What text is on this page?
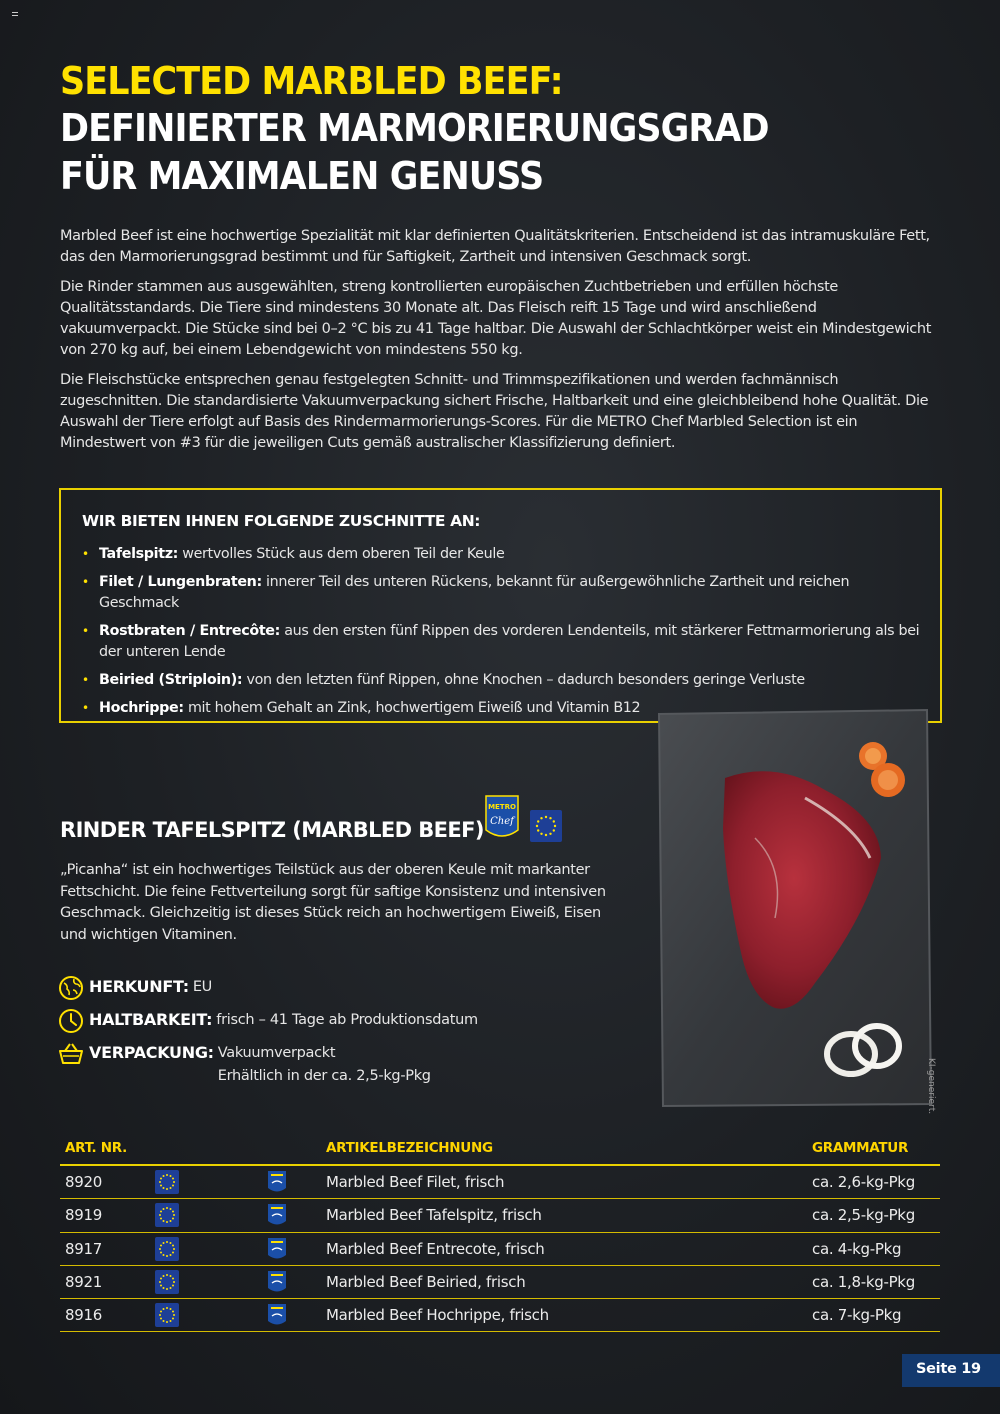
SELECTED MARBLED BEEF:
DEFINIERTER MARMORIERUNGSGRAD
FÜR MAXIMALEN GENUSS

Marbled Beef ist eine hochwertige Spezialität mit klar definierten Qualitätskriterien. Entscheidend ist das intramuskuläre Fett, das den Marmorierungsgrad bestimmt und für Saftigkeit, Zartheit und intensiven Geschmack sorgt.

Die Rinder stammen aus ausgewählten, streng kontrollierten europäischen Zuchtbetrieben und erfüllen höchste Qualitätsstandards. Die Tiere sind mindestens 30 Monate alt. Das Fleisch reift 15 Tage und wird anschließend vakuumverpackt. Die Stücke sind bei 0–2 °C bis zu 41 Tage haltbar. Die Auswahl der Schlachtkörper weist ein Mindestgewicht von 270 kg auf, bei einem Lebendgewicht von mindestens 550 kg.

Die Fleischstücke entsprechen genau festgelegten Schnitt- und Trimmspezifikationen und werden fachmännisch zugeschnitten. Die standardisierte Vakuumverpackung sichert Frische, Haltbarkeit und eine gleichbleibend hohe Qualität. Die Auswahl der Tiere erfolgt auf Basis des Rindermarmorierungs-Scores. Für die METRO Chef Marbled Selection ist ein Mindestwert von #3 für die jeweiligen Cuts gemäß australischer Klassifizierung definiert.

WIR BIETEN IHNEN FOLGENDE ZUSCHNITTE AN:
• Tafelspitz: wertvolles Stück aus dem oberen Teil der Keule
• Filet / Lungenbraten: innerer Teil des unteren Rückens, bekannt für außergewöhnliche Zartheit und reichen Geschmack
• Rostbraten / Entrecôte: aus den ersten fünf Rippen des vorderen Lendenteils, mit stärkerer Fettmarmorierung als bei der unteren Lende
• Beiried (Striploin): von den letzten fünf Rippen, ohne Knochen – dadurch besonders geringe Verluste
• Hochrippe: mit hohem Gehalt an Zink, hochwertigem Eiweiß und Vitamin B12
KI-generiert.
RINDER TAFELSPITZ (MARBLED BEEF)
METRO
Chef
„Picanha“ ist ein hochwertiges Teilstück aus der oberen Keule mit markanter Fettschicht. Die feine Fettverteilung sorgt für saftige Konsistenz und intensiven Geschmack. Gleichzeitig ist dieses Stück reich an hochwertigem Eiweiß, Eisen und wichtigen Vitaminen.
HERKUNFT: EU
HALTBARKEIT: frisch – 41 Tage ab Produktionsdatum
VERPACKUNG: Vakuumverpackt
Erhältlich in der ca. 2,5-kg-Pkg
ART. NR.	ARTIKELBEZEICHNUNG	GRAMMATUR
8920	Marbled Beef Filet, frisch	ca. 2,6-kg-Pkg
8919	Marbled Beef Tafelspitz, frisch	ca. 2,5-kg-Pkg
8917	Marbled Beef Entrecote, frisch	ca. 4-kg-Pkg
8921	Marbled Beef Beiried, frisch	ca. 1,8-kg-Pkg
8916	Marbled Beef Hochrippe, frisch	ca. 7-kg-Pkg
Seite 19
